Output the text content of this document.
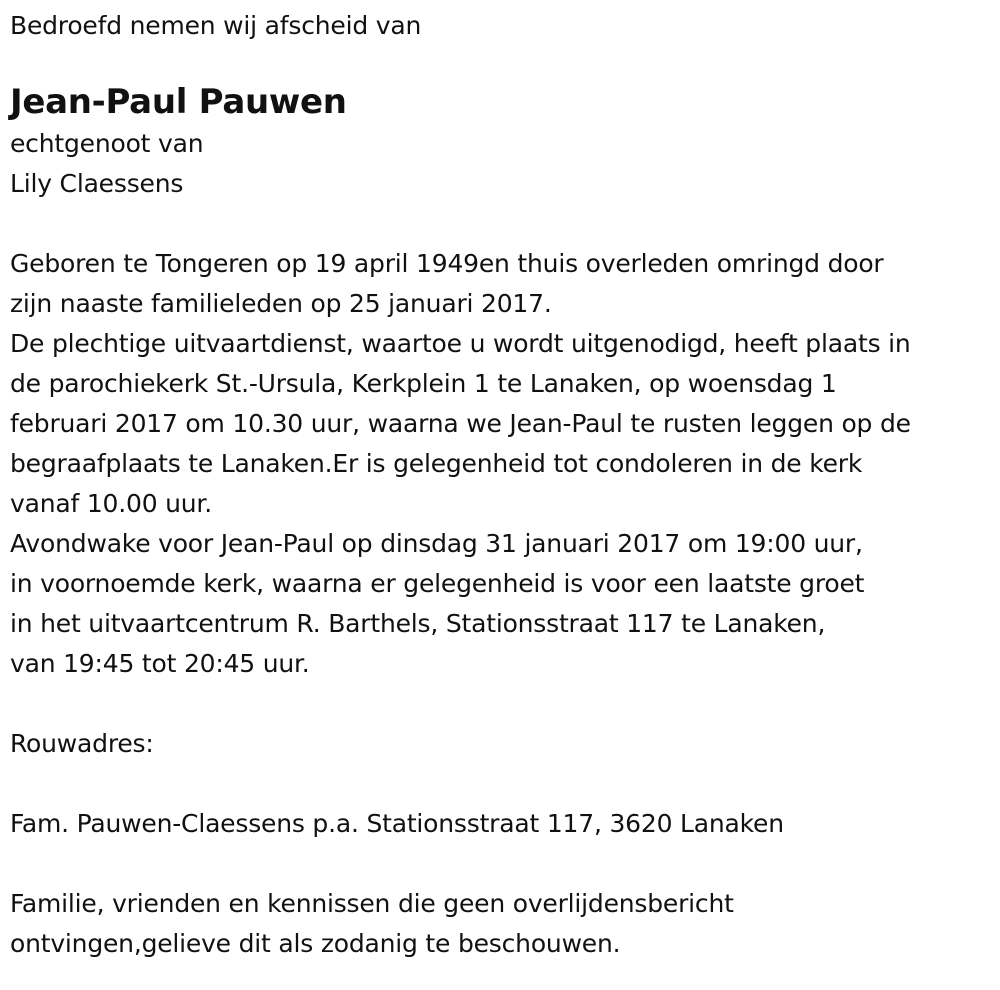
Bedroefd nemen wij afscheid van
Jean-Paul Pauwen
echtgenoot van
Lily Claessens
Geboren te Tongeren op 19 april 1949en thuis overleden omringd door
zijn naaste familieleden op 25 januari 2017.
De plechtige uitvaartdienst, waartoe u wordt uitgenodigd, heeft plaats in
de parochiekerk St.-Ursula, Kerkplein 1 te Lanaken, op woensdag 1
februari 2017 om 10.30 uur, waarna we Jean-Paul te rusten leggen op de
begraafplaats te Lanaken.Er is gelegenheid tot condoleren in de kerk
vanaf 10.00 uur.
Avondwake voor Jean-Paul op dinsdag 31 januari 2017 om 19:00 uur,
in voornoemde kerk, waarna er gelegenheid is voor een laatste groet
in het uitvaartcentrum R. Barthels, Stationsstraat 117 te Lanaken,
van 19:45 tot 20:45 uur.
Rouwadres:
Fam. Pauwen-Claessens p.a. Stationsstraat 117, 3620 Lanaken
Familie, vrienden en kennissen die geen overlijdensbericht
ontvingen,gelieve dit als zodanig te beschouwen.
